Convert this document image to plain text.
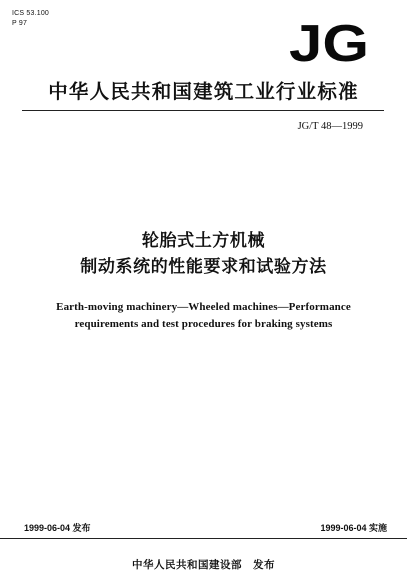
ICS 53.100
P 97	JG
中华人民共和国建筑工业行业标准
JG/T 48—1999
轮胎式土方机械
制动系统的性能要求和试验方法
Earth-moving machinery—Wheeled machines—Performance
requirements and test procedures for braking systems
1999-06-04 发布	1999-06-04 实施
中华人民共和国建设部　发布
